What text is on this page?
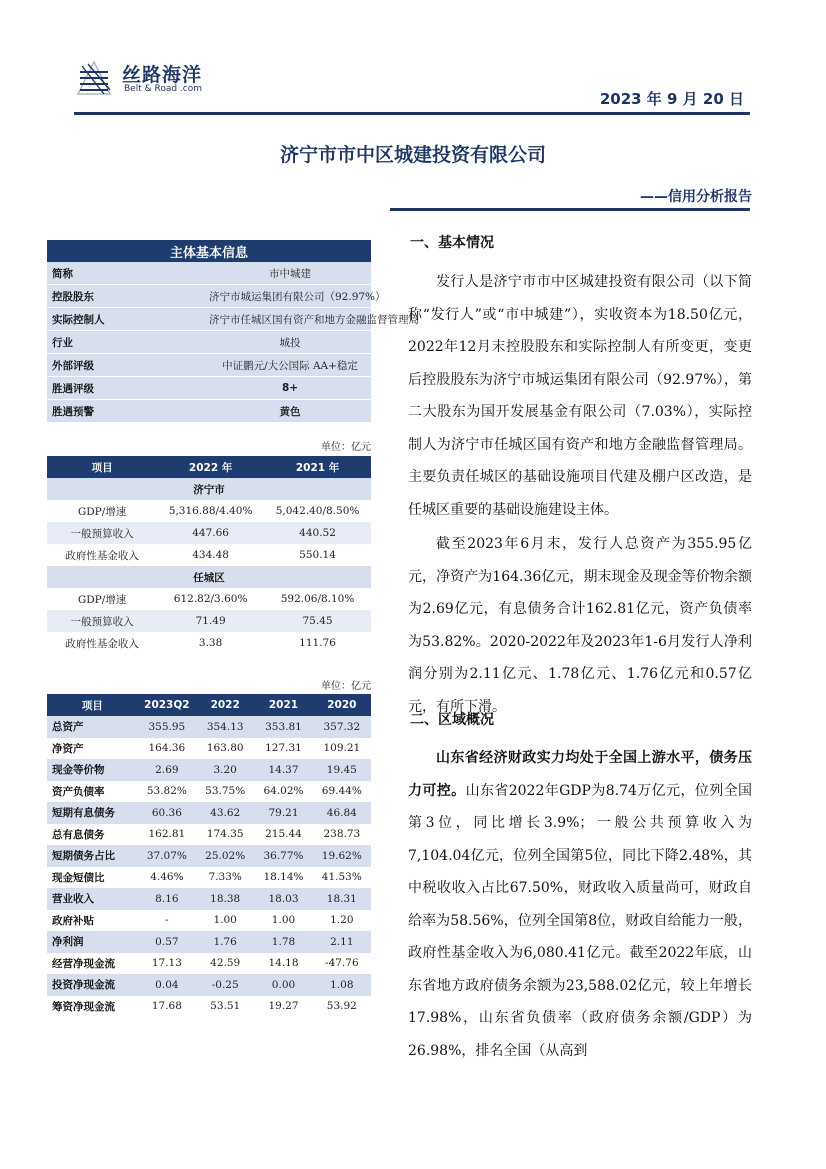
丝路海洋
Belt & Road .com
2023 年 9 月 20 日
济宁市市中区城建投资有限公司
——信用分析报告
主体基本信息	
简称	市中城建
控股股东	济宁市城运集团有限公司（92.97%）
实际控制人	济宁市任城区国有资产和地方金融监督管理局
行业	城投
外部评级	中证鹏元/大公国际 AA+稳定
胜遇评级	8+
胜遇预警	黄色
单位：亿元
项目	2022 年	2021 年
济宁市		
GDP/增速	5,316.88/4.40%	5,042.40/8.50%
一般预算收入	447.66	440.52
政府性基金收入	434.48	550.14
任城区		
GDP/增速	612.82/3.60%	592.06/8.10%
一般预算收入	71.49	75.45
政府性基金收入	3.38	111.76
单位：亿元
项目	2023Q2	2022	2021	2020
总资产	355.95	354.13	353.81	357.32
净资产	164.36	163.80	127.31	109.21
现金等价物	2.69	3.20	14.37	19.45
资产负债率	53.82%	53.75%	64.02%	69.44%
短期有息债务	60.36	43.62	79.21	46.84
总有息债务	162.81	174.35	215.44	238.73
短期债务占比	37.07%	25.02%	36.77%	19.62%
现金短债比	4.46%	7.33%	18.14%	41.53%
营业收入	8.16	18.38	18.03	18.31
政府补贴	-	1.00	1.00	1.20
净利润	0.57	1.76	1.78	2.11
经营净现金流	17.13	42.59	14.18	-47.76
投资净现金流	0.04	-0.25	0.00	1.08
筹资净现金流	17.68	53.51	19.27	53.92
一、基本情况
发行人是济宁市市中区城建投资有限公司（以下简称“发行人”或“市中城建”），实收资本为18.50亿元，2022年12月末控股股东和实际控制人有所变更，变更后控股股东为济宁市城运集团有限公司（92.97%），第二大股东为国开发展基金有限公司（7.03%），实际控制人为济宁市任城区国有资产和地方金融监督管理局。主要负责任城区的基础设施项目代建及棚户区改造，是任城区重要的基础设施建设主体。
截至2023年6月末，发行人总资产为355.95亿元，净资产为164.36亿元，期末现金及现金等价物余额为2.69亿元，有息债务合计162.81亿元，资产负债率为53.82%。2020-2022年及2023年1-6月发行人净利润分别为2.11亿元、1.78亿元、1.76亿元和0.57亿元，有所下滑。
二、区域概况
山东省经济财政实力均处于全国上游水平，债务压力可控。山东省2022年GDP为8.74万亿元，位列全国第3位，同比增长3.9%；一般公共预算收入为7,104.04亿元，位列全国第5位，同比下降2.48%，其中税收收入占比67.50%，财政收入质量尚可，财政自给率为58.56%，位列全国第8位，财政自给能力一般，政府性基金收入为6,080.41亿元。截至2022年底，山东省地方政府债务余额为23,588.02亿元，较上年增长17.98%，山东省负债率（政府债务余额/GDP）为26.98%，排名全国（从高到
